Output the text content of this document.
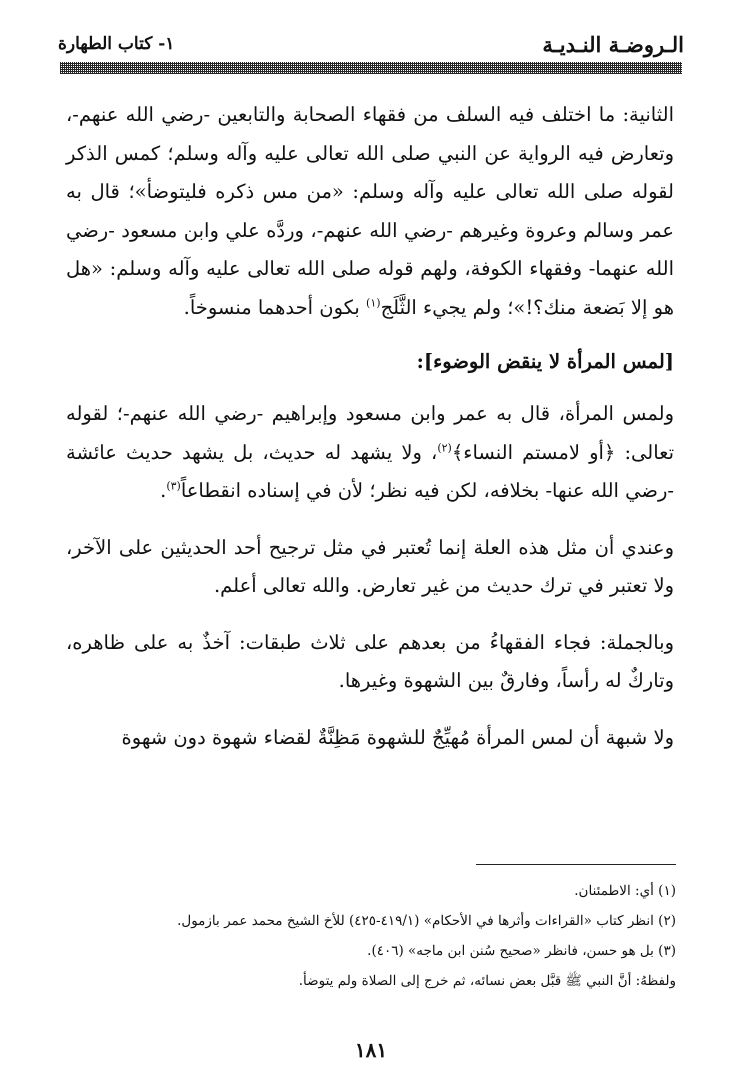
الـروضـة النـديـة
١- كتاب الطهارة

الثانية: ما اختلف فيه السلف من فقهاء الصحابة والتابعين -رضي الله عنهم-، وتعارض فيه الرواية عن النبي صلى الله تعالى عليه وآله وسلم؛ كمس الذكر لقوله صلى الله تعالى عليه وآله وسلم: «من مس ذكره فليتوضأ»؛ قال به عمر وسالم وعروة وغيرهم -رضي الله عنهم-، وردَّه علي وابن مسعود -رضي الله عنهما- وفقهاء الكوفة، ولهم قوله صلى الله تعالى عليه وآله وسلم: «هل هو إلا بَضعة منك؟!»؛ ولم يجيء الثَّلَج$^{(١)}$ بكون أحدهما منسوخاً.

[لمس المرأة لا ينقض الوضوء]:

ولمس المرأة، قال به عمر وابن مسعود وإبراهيم -رضي الله عنهم-؛ لقوله تعالى: ﴿أو لامستم النساء﴾$^{(٢)}$، ولا يشهد له حديث، بل يشهد حديث عائشة -رضي الله عنها- بخلافه، لكن فيه نظر؛ لأن في إسناده انقطاعاً$^{(٣)}$.

وعندي أن مثل هذه العلة إنما تُعتبر في مثل ترجيح أحد الحديثين على الآخر، ولا تعتبر في ترك حديث من غير تعارض. والله تعالى أعلم.

وبالجملة: فجاء الفقهاءُ من بعدهم على ثلاث طبقات: آخذٌ به على ظاهره، وتاركٌ له رأساً، وفارقٌ بين الشهوة وغيرها.

ولا شبهة أن لمس المرأة مُهيِّجٌ للشهوة مَظِنَّةٌ لقضاء شهوة دون شهوة

(١) أي: الاطمئنان.
(٢) انظر كتاب «القراءات وأثرها في الأحكام» (٤١٩/١-٤٢٥) للأخ الشيخ محمد عمر بازمول.
(٣) بل هو حسن، فانظر «صحيح سُنن ابن ماجه» (٤٠٦).
ولفظهُ: أنَّ النبي ﷺ قبَّل بعض نسائه، ثم خرج إلى الصلاة ولم يتوضأ.
١٨١
